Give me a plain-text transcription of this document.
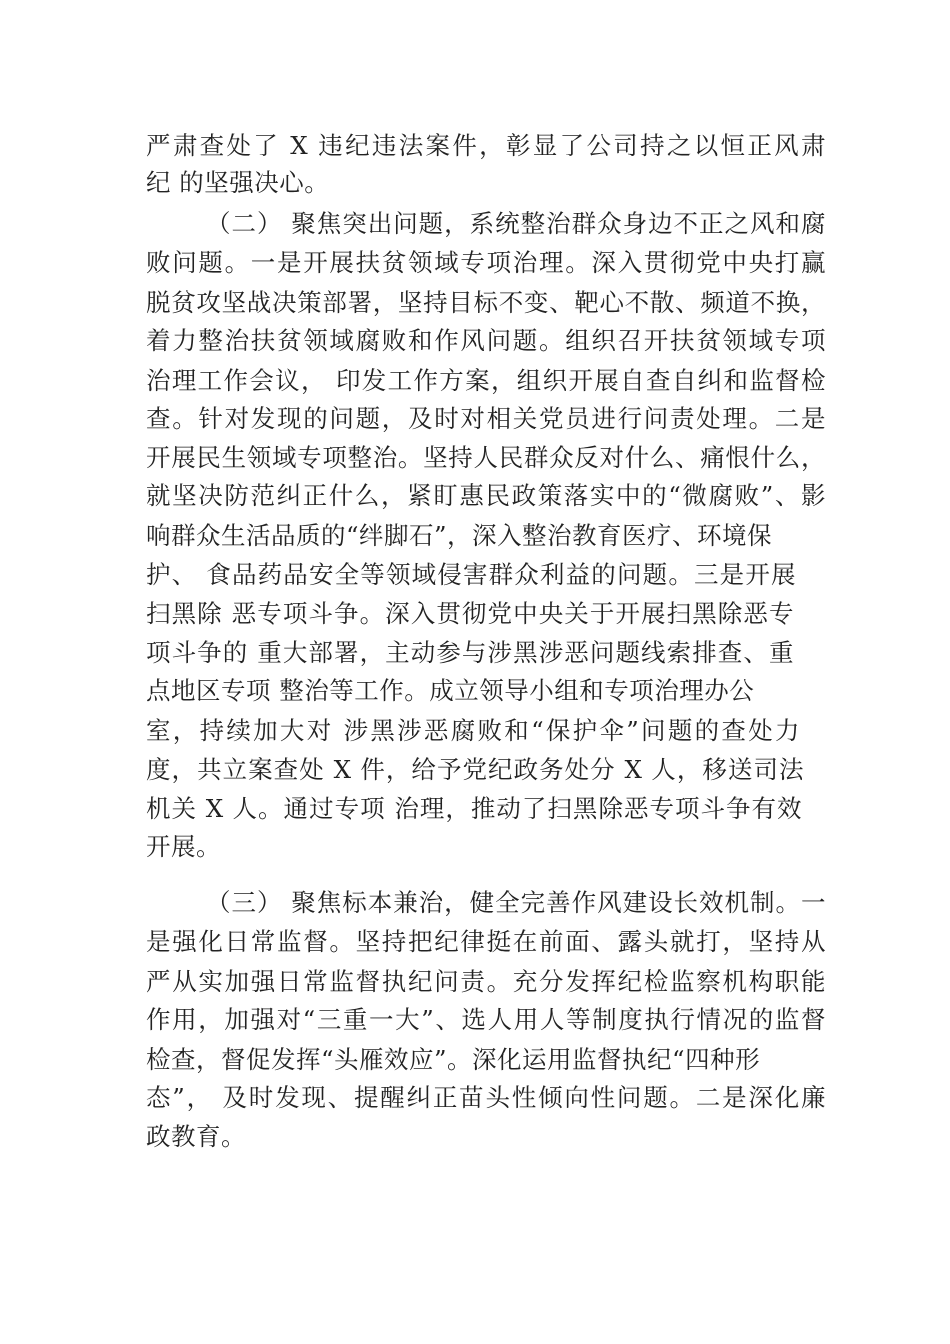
严肃查处了 X 违纪违法案件，彰显了公司持之以恒正风肃
纪 的坚强决心。
（二） 聚焦突出问题，系统整治群众身边不正之风和腐
败问题。一是开展扶贫领域专项治理。深入贯彻党中央打赢
脱贫攻坚战决策部署，坚持目标不变、靶心不散、频道不换，
着力整治扶贫领域腐败和作风问题。组织召开扶贫领域专项
治理工作会议， 印发工作方案，组织开展自查自纠和监督检
查。针对发现的问题，及时对相关党员进行问责处理。二是
开展民生领域专项整治。坚持人民群众反对什么、痛恨什么，
就坚决防范纠正什么，紧盯惠民政策落实中的“微腐败”、影
响群众生活品质的“绊脚石”，深入整治教育医疗、环境保
护、 食品药品安全等领域侵害群众利益的问题。三是开展
扫黑除 恶专项斗争。深入贯彻党中央关于开展扫黑除恶专
项斗争的 重大部署，主动参与涉黑涉恶问题线索排查、重
点地区专项 整治等工作。成立领导小组和专项治理办公
室，持续加大对 涉黑涉恶腐败和“保护伞”问题的查处力
度，共立案查处 X 件，给予党纪政务处分 X 人，移送司法
机关 X 人。通过专项 治理，推动了扫黑除恶专项斗争有效
开展。
（三） 聚焦标本兼治，健全完善作风建设长效机制。一
是强化日常监督。坚持把纪律挺在前面、露头就打，坚持从
严从实加强日常监督执纪问责。充分发挥纪检监察机构职能
作用，加强对“三重一大”、选人用人等制度执行情况的监督
检查，督促发挥“头雁效应”。深化运用监督执纪“四种形
态”， 及时发现、提醒纠正苗头性倾向性问题。二是深化廉
政教育。
